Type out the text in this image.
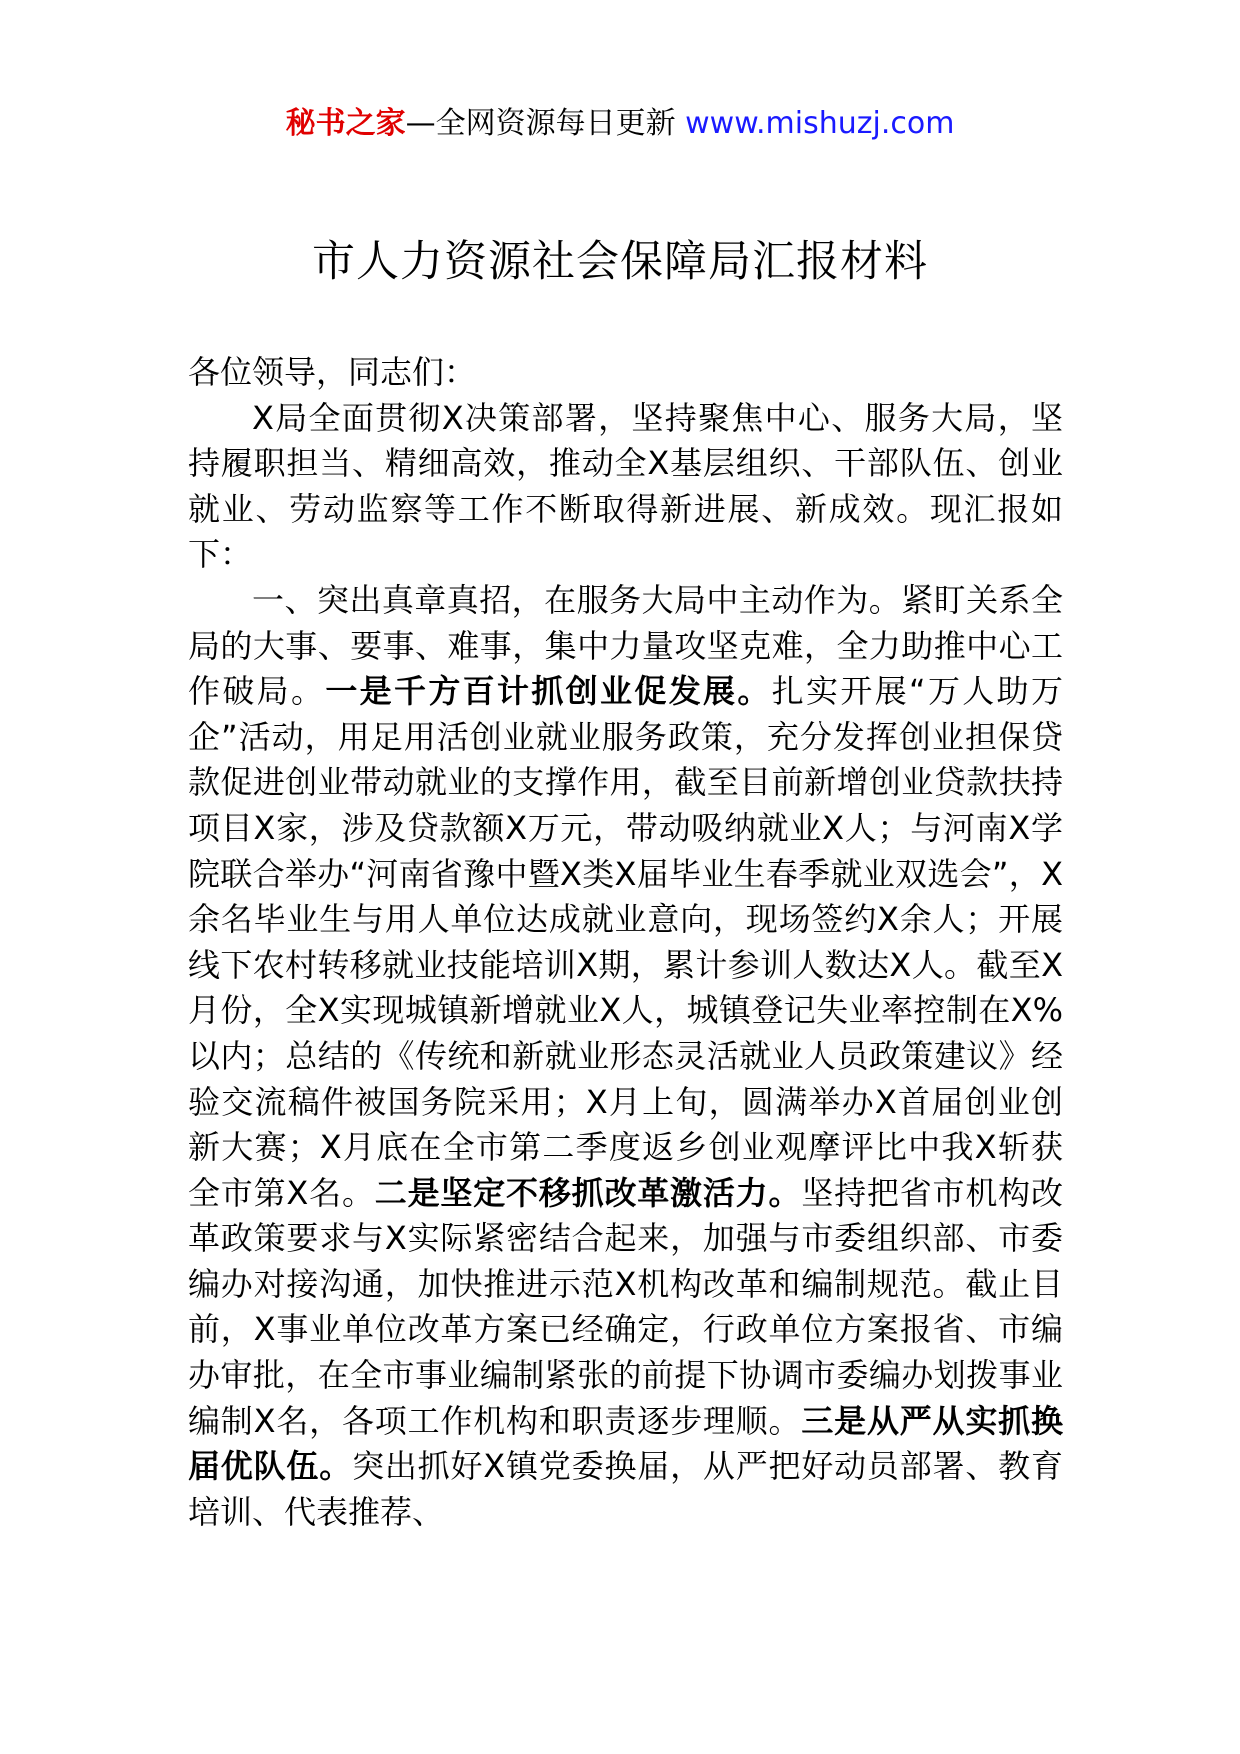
秘书之家—全网资源每日更新 www.mishuzj.com
市人力资源社会保障局汇报材料

各位领导，同志们：

X局全面贯彻X决策部署，坚持聚焦中心、服务大局，坚持履职担当、精细高效，推动全X基层组织、干部队伍、创业就业、劳动监察等工作不断取得新进展、新成效。现汇报如下：

一、突出真章真招，在服务大局中主动作为。紧盯关系全局的大事、要事、难事，集中力量攻坚克难，全力助推中心工作破局。一是千方百计抓创业促发展。扎实开展“万人助万企”活动，用足用活创业就业服务政策，充分发挥创业担保贷款促进创业带动就业的支撑作用，截至目前新增创业贷款扶持项目X家，涉及贷款额X万元，带动吸纳就业X人；与河南X学院联合举办“河南省豫中暨X类X届毕业生春季就业双选会”，X余名毕业生与用人单位达成就业意向，现场签约X余人；开展线下农村转移就业技能培训X期，累计参训人数达X人。截至X月份，全X实现城镇新增就业X人，城镇登记失业率控制在X%以内；总结的《传统和新就业形态灵活就业人员政策建议》经验交流稿件被国务院采用；X月上旬，圆满举办X首届创业创新大赛；X月底在全市第二季度返乡创业观摩评比中我X斩获全市第X名。二是坚定不移抓改革激活力。坚持把省市机构改革政策要求与X实际紧密结合起来，加强与市委组织部、市委编办对接沟通，加快推进示范X机构改革和编制规范。截止目前，X事业单位改革方案已经确定，行政单位方案报省、市编办审批，在全市事业编制紧张的前提下协调市委编办划拨事业编制X名，各项工作机构和职责逐步理顺。三是从严从实抓换届优队伍。突出抓好X镇党委换届，从严把好动员部署、教育培训、代表推荐、
